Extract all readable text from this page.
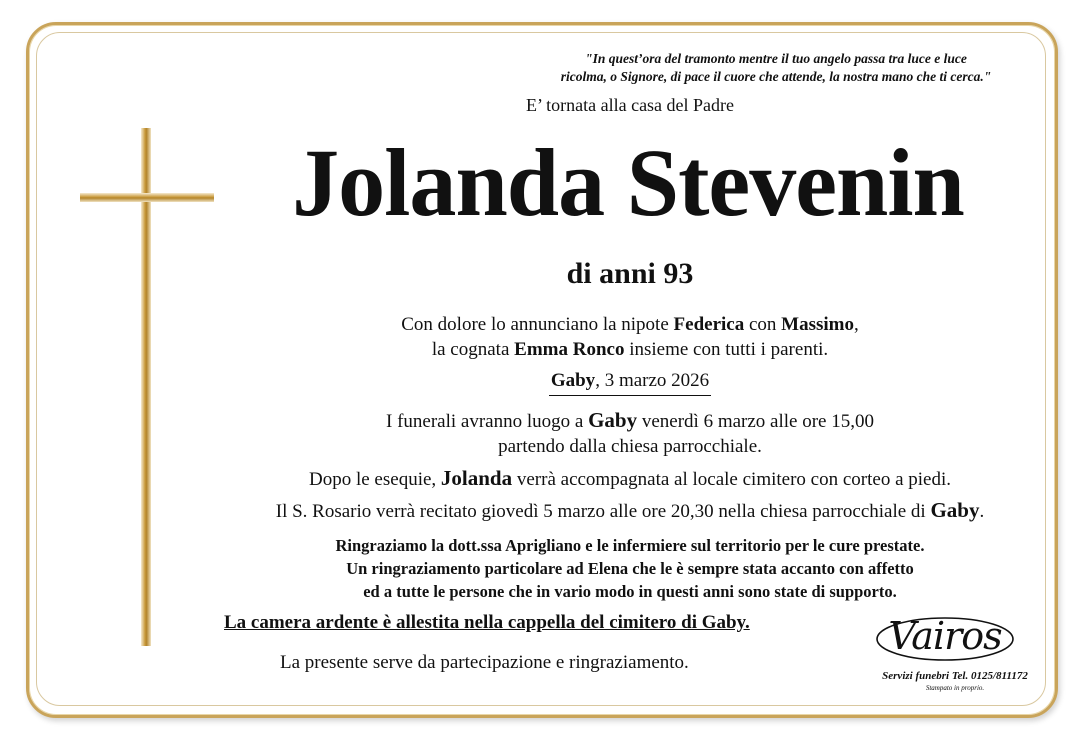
"In quest’ora del tramonto mentre il tuo angelo passa tra luce e luce
ricolma, o Signore, di pace il cuore che attende, la nostra mano che ti cerca."
E’ tornata alla casa del Padre
Jolanda Stevenin
di anni 93
Con dolore lo annunciano la nipote Federica con Massimo,
la cognata Emma Ronco insieme con tutti i parenti.
Gaby, 3 marzo 2026
I funerali avranno luogo a Gaby venerdì 6 marzo alle ore 15,00
partendo dalla chiesa parrocchiale.
Dopo le esequie, Jolanda verrà accompagnata al locale cimitero con corteo a piedi.
Il S. Rosario verrà recitato giovedì 5 marzo alle ore 20,30 nella chiesa parrocchiale di Gaby.
Ringraziamo la dott.ssa Aprigliano e le infermiere sul territorio per le cure prestate.
Un ringraziamento particolare ad Elena che le è sempre stata accanto con affetto
ed a tutte le persone che in vario modo in questi anni sono state di supporto.
La camera ardente è allestita nella cappella del cimitero di Gaby.
La presente serve da partecipazione e ringraziamento.
Vairos
Servizi funebri Tel. 0125/811172
Stampato in proprio.
